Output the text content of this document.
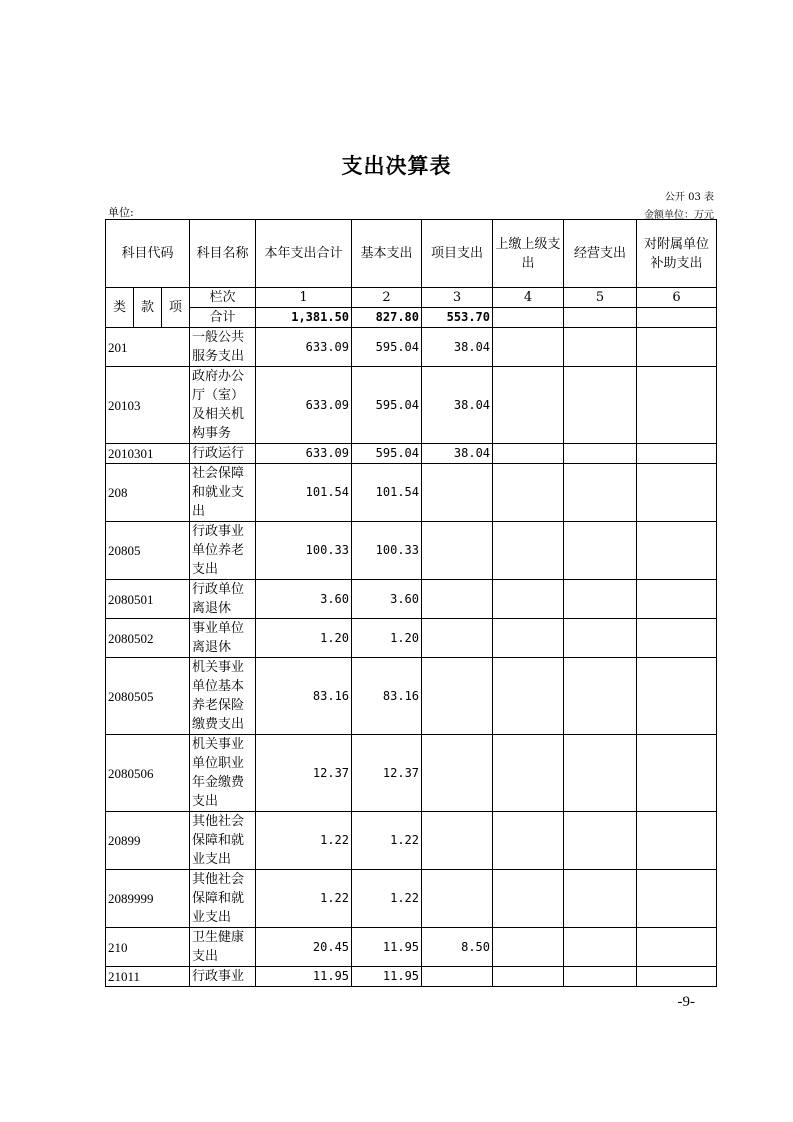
支出决算表
公开 03 表
单位:	金额单位：万元
科目代码			科目名称	本年支出合计	基本支出	项目支出	上缴上级支出	经营支出	对附属单位补助支出
类	款	项	栏次	1	2	3	4	5	6
			合计	1,381.50	827.80	553.70			
201			一般公共服务支出	633.09	595.04	38.04			
20103			政府办公厅（室）及相关机构事务	633.09	595.04	38.04			
2010301			行政运行	633.09	595.04	38.04			
208			社会保障和就业支出	101.54	101.54				
20805			行政事业单位养老支出	100.33	100.33				
2080501			行政单位离退休	3.60	3.60				
2080502			事业单位离退休	1.20	1.20				
2080505			机关事业单位基本养老保险缴费支出	83.16	83.16				
2080506			机关事业单位职业年金缴费支出	12.37	12.37				
20899			其他社会保障和就业支出	1.22	1.22				
2089999			其他社会保障和就业支出	1.22	1.22				
210			卫生健康支出	20.45	11.95	8.50			
21011			行政事业	11.95	11.95				
-9-
